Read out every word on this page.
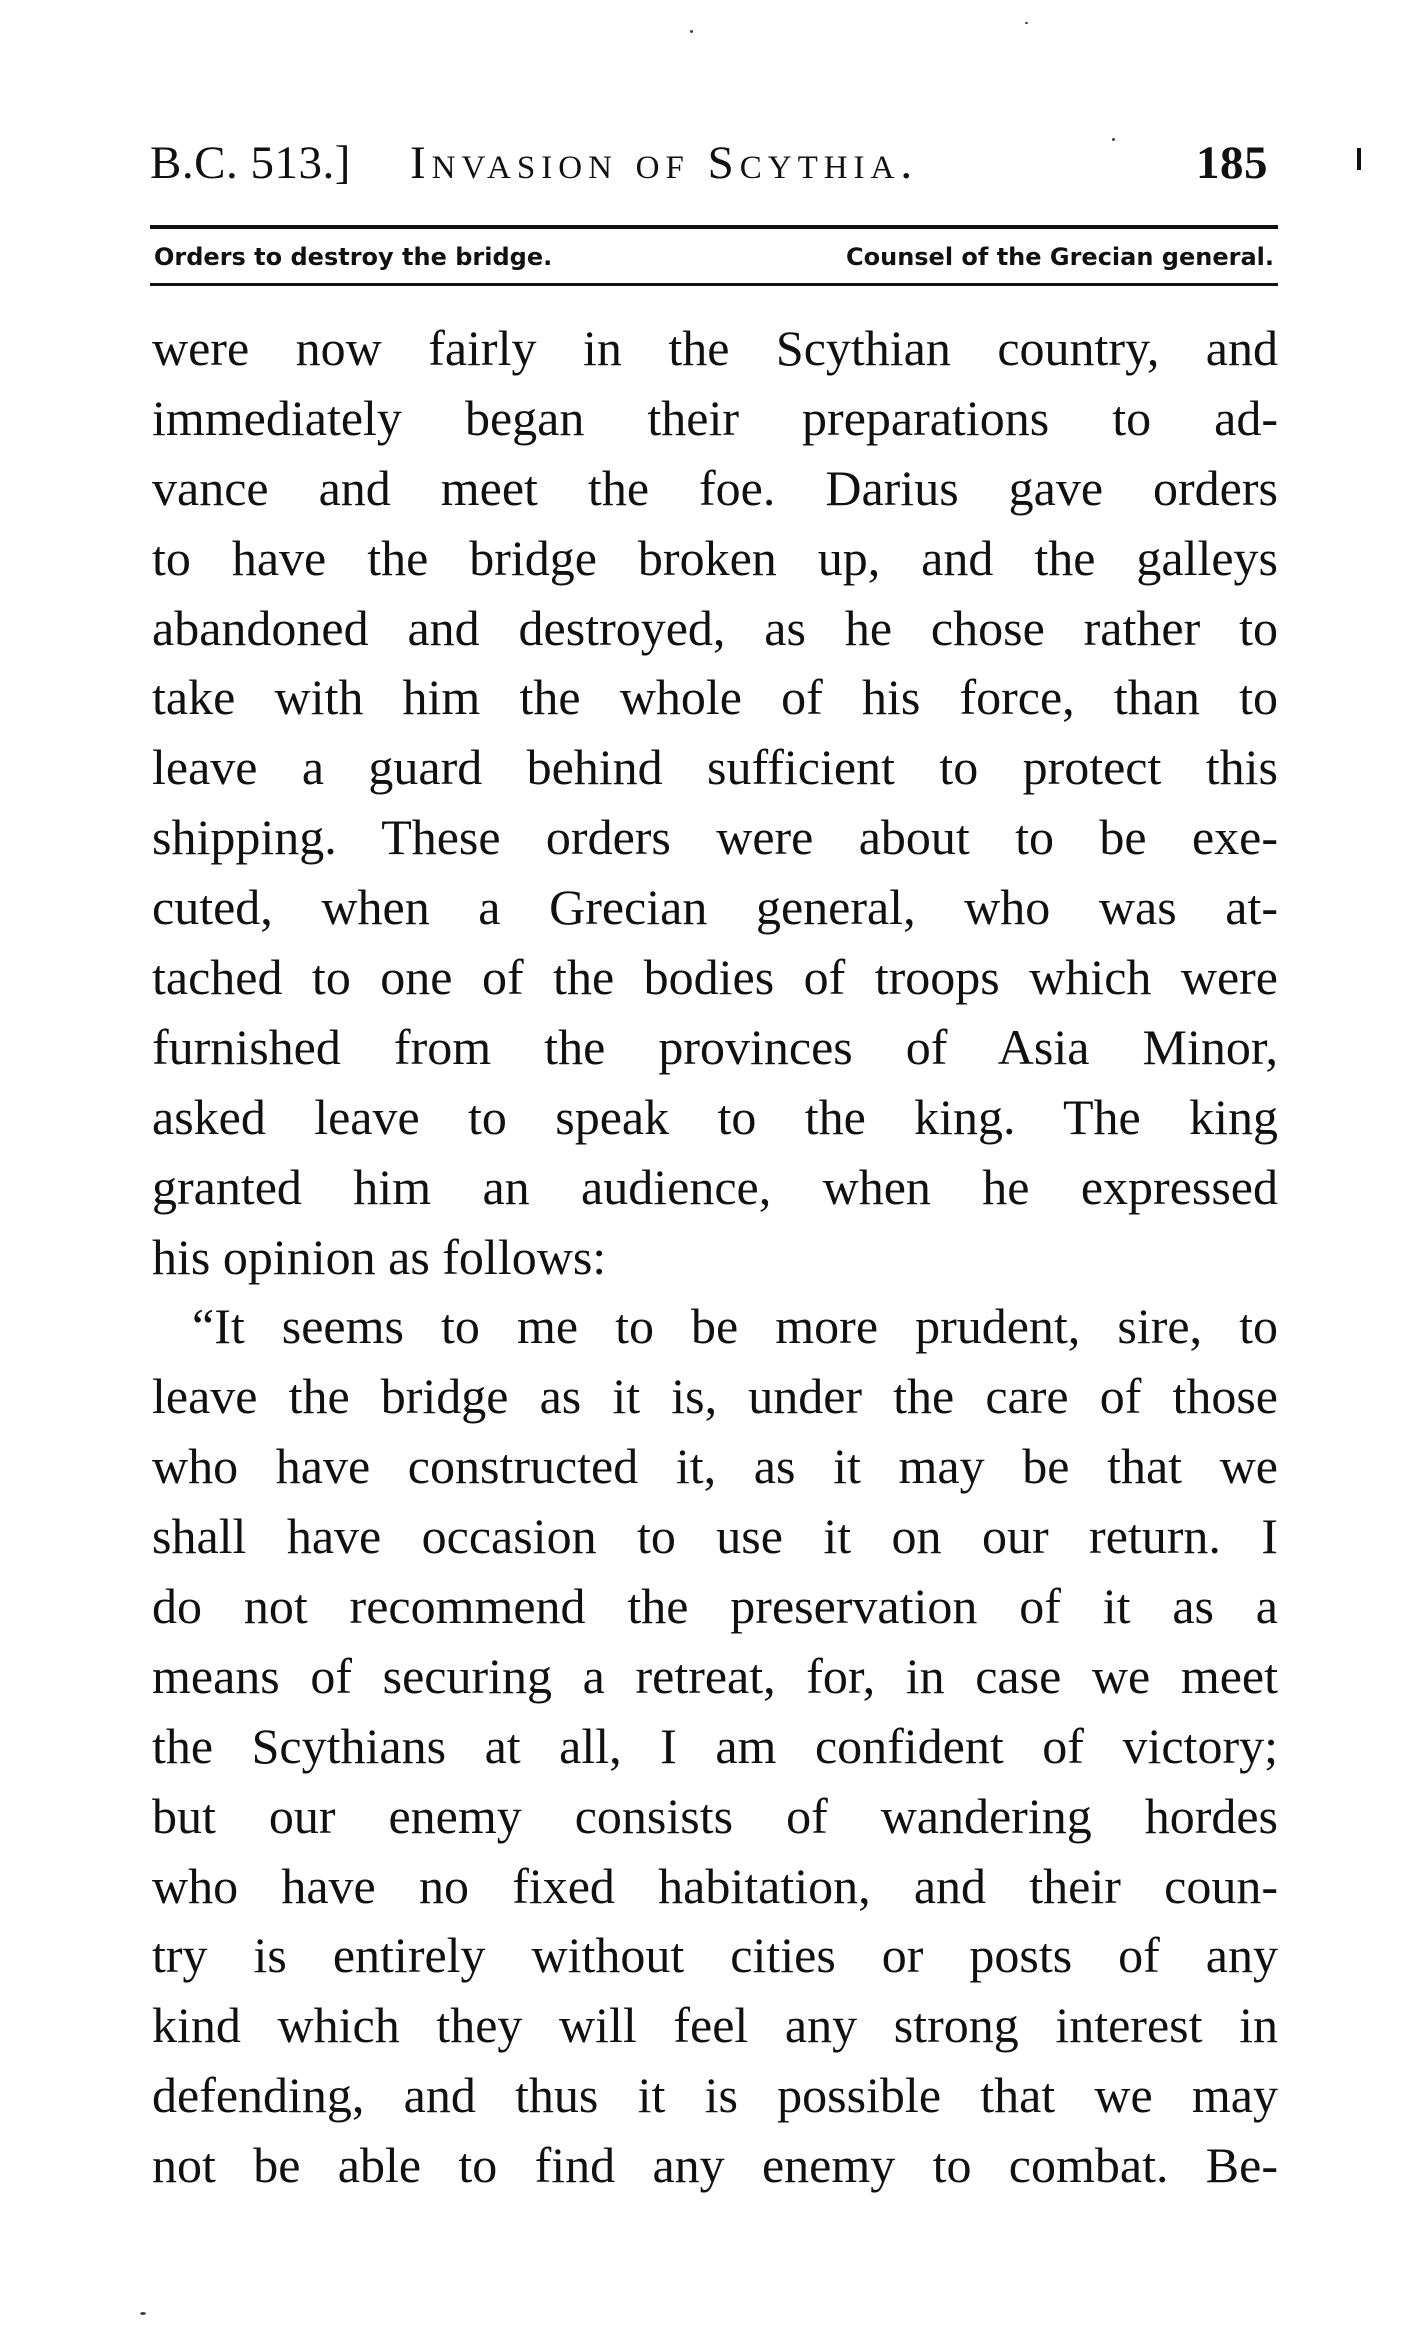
B.C. 513.] Invasion of Scythia.	185
Orders to destroy the bridge.	Counsel of the Grecian general.
were now fairly in the Scythian country, and
immediately began their preparations to ad-
vance and meet the foe. Darius gave orders
to have the bridge broken up, and the galleys
abandoned and destroyed, as he chose rather to
take with him the whole of his force, than to
leave a guard behind sufficient to protect this
shipping. These orders were about to be exe-
cuted, when a Grecian general, who was at-
tached to one of the bodies of troops which were
furnished from the provinces of Asia Minor,
asked leave to speak to the king. The king
granted him an audience, when he expressed
his opinion as follows:
“It seems to me to be more prudent, sire, to
leave the bridge as it is, under the care of those
who have constructed it, as it may be that we
shall have occasion to use it on our return. I
do not recommend the preservation of it as a
means of securing a retreat, for, in case we meet
the Scythians at all, I am confident of victory;
but our enemy consists of wandering hordes
who have no fixed habitation, and their coun-
try is entirely without cities or posts of any
kind which they will feel any strong interest in
defending, and thus it is possible that we may
not be able to find any enemy to combat. Be-
